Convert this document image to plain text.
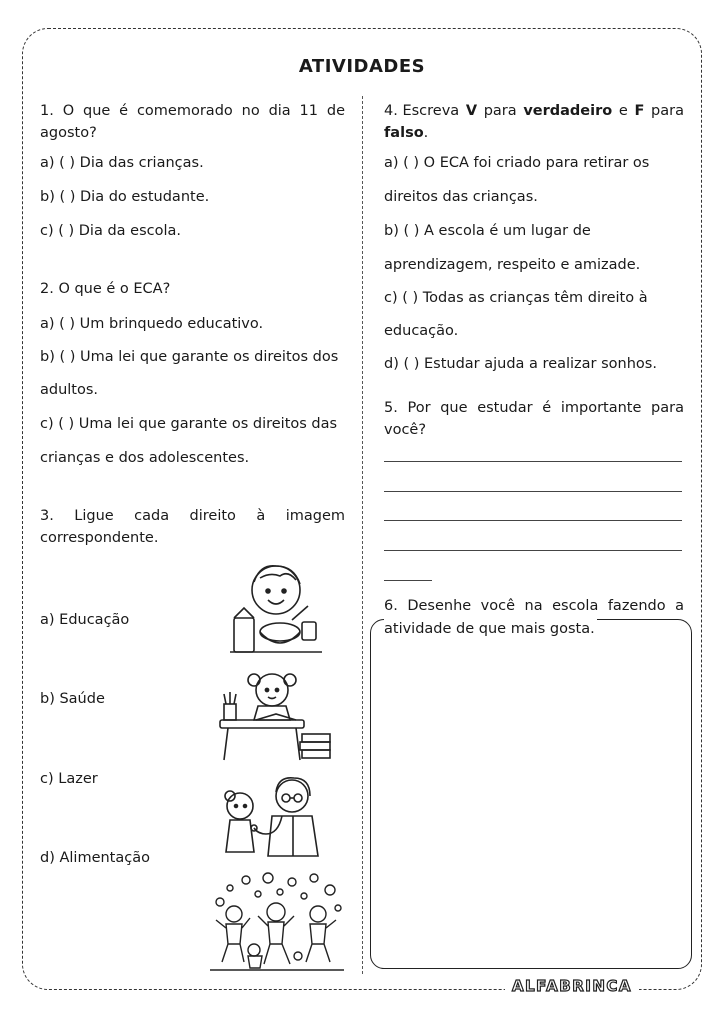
ATIVIDADES
1. O que é comemorado no dia 11 de
agosto?
a) ( ) Dia das crianças.
b) ( ) Dia do estudante.
c) ( ) Dia da escola.
2. O que é o ECA?
a) ( ) Um brinquedo educativo.
b) ( ) Uma lei que garante os direitos dos
adultos.
c) ( ) Uma lei que garante os direitos das
crianças e dos adolescentes.
3. Ligue cada direito à imagem
correspondente.
a) Educação
b) Saúde
c) Lazer
d) Alimentação
4. Escreva V para verdadeiro e F para
falso.
a) ( ) O ECA foi criado para retirar os
direitos das crianças.
b) ( ) A escola é um lugar de
aprendizagem, respeito e amizade.
c) ( ) Todas as crianças têm direito à
educação.
d) ( ) Estudar ajuda a realizar sonhos.
5. Por que estudar é importante para
você?
6. Desenhe você na escola fazendo a
atividade de que mais gosta.
ALFABRINCA
